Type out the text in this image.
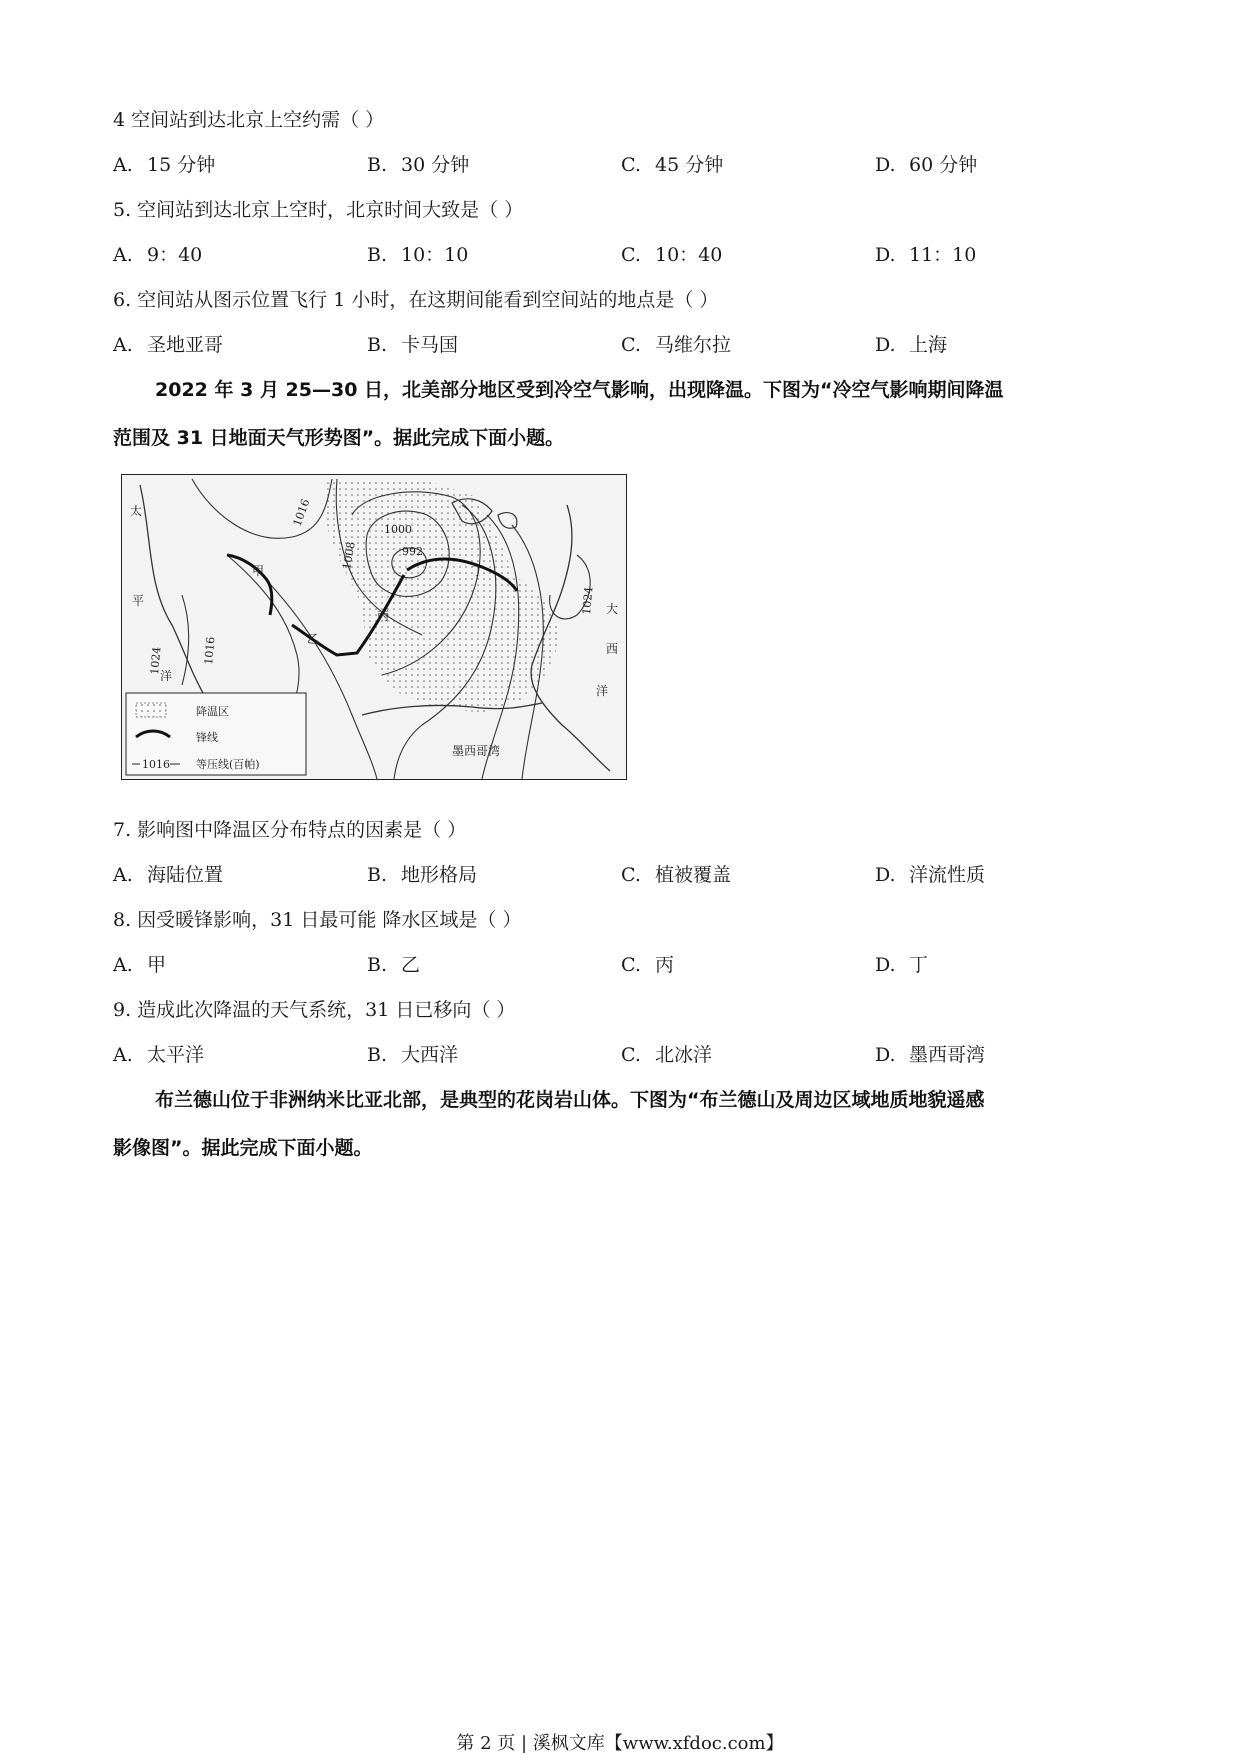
4 空间站到达北京上空约需（ ）
A. 15 分钟	B. 30 分钟	C. 45 分钟	D. 60 分钟
5. 空间站到达北京上空时，北京时间大致是（ ）
A. 9：40	B. 10：10	C. 10：40	D. 11：10
6. 空间站从图示位置飞行 1 小时，在这期间能看到空间站的地点是（ ）
A. 圣地亚哥	B. 卡马国	C. 马维尔拉	D. 上海
2022 年 3 月 25—30 日，北美部分地区受到冷空气影响，出现降温。下图为“冷空气影响期间降温
范围及 31 日地面天气形势图”。据此完成下面小题。
1016
1008
1000
992
1024	1016
1024
甲
乙
丙
丁
太
平
洋
大
西
洋
墨西哥湾
降温区
锋线
1016 等压线(百帕)
7. 影响图中降温区分布特点的因素是（ ）
A. 海陆位置	B. 地形格局	C. 植被覆盖	D. 洋流性质
8. 因受暖锋影响，31 日最可能 降水区域是（ ）
A. 甲	B. 乙	C. 丙	D. 丁
9. 造成此次降温的天气系统，31 日已移向（ ）
A. 太平洋	B. 大西洋	C. 北冰洋	D. 墨西哥湾
布兰德山位于非洲纳米比亚北部，是典型的花岗岩山体。下图为“布兰德山及周边区域地质地貌遥感
影像图”。据此完成下面小题。
第 2 页 | 溪枫文库【www.xfdoc.com】
